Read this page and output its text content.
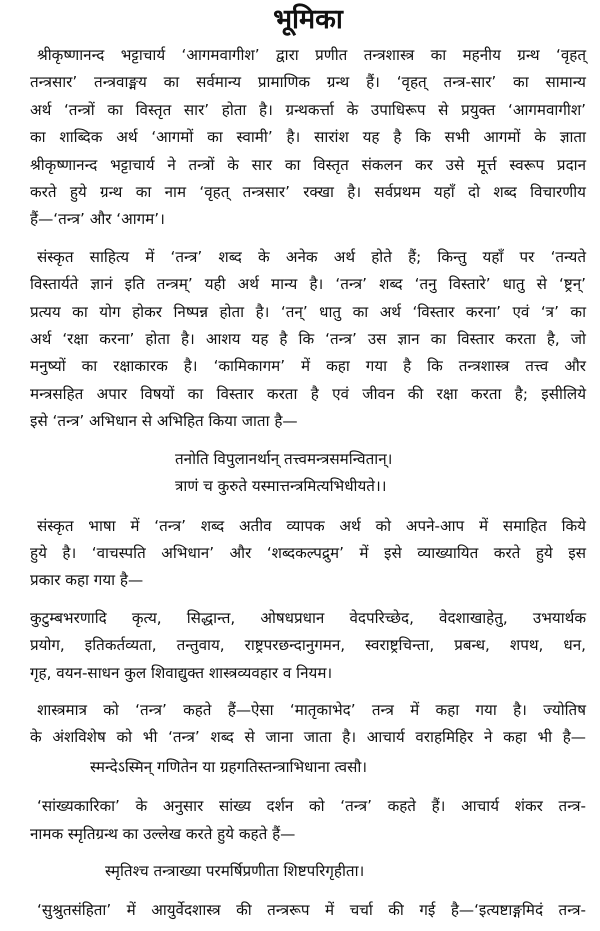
भूमिका
श्रीकृष्णानन्द भट्टाचार्य ‘आगमवागीश’ द्वारा प्रणीत तन्त्रशास्त्र का महनीय ग्रन्थ ‘वृहत्
तन्त्रसार’ तन्त्रवाङ्मय का सर्वमान्य प्रामाणिक ग्रन्थ हैं। ‘वृहत् तन्त्र-सार’ का सामान्य
अर्थ ‘तन्त्रों का विस्तृत सार’ होता है। ग्रन्थकर्त्ता के उपाधिरूप से प्रयुक्त ‘आगमवागीश’
का शाब्दिक अर्थ ‘आगमों का स्वामी’ है। सारांश यह है कि सभी आगमों के ज्ञाता
श्रीकृष्णानन्द भट्टाचार्य ने तन्त्रों के सार का विस्तृत संकलन कर उसे मूर्त्त स्वरूप प्रदान
करते हुये ग्रन्थ का नाम ‘वृहत् तन्त्रसार’ रक्खा है। सर्वप्रथम यहाँ दो शब्द विचारणीय
हैं—‘तन्त्र’ और ‘आगम’।
संस्कृत साहित्य में ‘तन्त्र’ शब्द के अनेक अर्थ होते हैं; किन्तु यहाँ पर ‘तन्यते
विस्तार्यते ज्ञानं इति तन्त्रम्’ यही अर्थ मान्य है। ‘तन्त्र’ शब्द ‘तनु विस्तारे’ धातु से ‘ष्ट्रन्’
प्रत्यय का योग होकर निष्पन्न होता है। ‘तन्’ धातु का अर्थ ‘विस्तार करना’ एवं ‘त्र’ का
अर्थ ‘रक्षा करना’ होता है। आशय यह है कि ‘तन्त्र’ उस ज्ञान का विस्तार करता है, जो
मनुष्यों का रक्षाकारक है। ‘कामिकागम’ में कहा गया है कि तन्त्रशास्त्र तत्त्व और
मन्त्रसहित अपार विषयों का विस्तार करता है एवं जीवन की रक्षा करता है; इसीलिये
इसे ‘तन्त्र’ अभिधान से अभिहित किया जाता है—
तनोति विपुलानर्थान् तत्त्वमन्त्रसमन्वितान्।
त्राणं च कुरुते यस्मात्तन्त्रमित्यभिधीयते।।
संस्कृत भाषा में ‘तन्त्र’ शब्द अतीव व्यापक अर्थ को अपने-आप में समाहित किये
हुये है। ‘वाचस्पति अभिधान’ और ‘शब्दकल्पद्रुम’ में इसे व्याख्यायित करते हुये इस
प्रकार कहा गया है—
कुटुम्बभरणादि कृत्य, सिद्धान्त, ओषधप्रधान वेदपरिच्छेद, वेदशाखाहेतु, उभयार्थक
प्रयोग, इतिकर्तव्यता, तन्तुवाय, राष्ट्रपरछन्दानुगमन, स्वराष्ट्रचिन्ता, प्रबन्ध, शपथ, धन,
गृह, वयन-साधन कुल शिवाद्युक्त शास्त्रव्यवहार व नियम।
शास्त्रमात्र को ‘तन्त्र’ कहते हैं—ऐसा ‘मातृकाभेद’ तन्त्र में कहा गया है। ज्योतिष
के अंशविशेष को भी ‘तन्त्र’ शब्द से जाना जाता है। आचार्य वराहमिहिर ने कहा भी है—
स्मन्देऽस्मिन् गणितेन या ग्रहगतिस्तन्त्राभिधाना त्वसौ।
‘सांख्यकारिका’ के अनुसार सांख्य दर्शन को ‘तन्त्र’ कहते हैं। आचार्य शंकर तन्त्र-
नामक स्मृतिग्रन्थ का उल्लेख करते हुये कहते हैं—
स्मृतिश्च तन्त्राख्या परमर्षिप्रणीता शिष्टपरिगृहीता।
‘सुश्रुतसंहिता’ में आयुर्वेदशास्त्र की तन्त्ररूप में चर्चा की गई है—‘इत्यष्टाङ्गमिदं तन्त्र-
